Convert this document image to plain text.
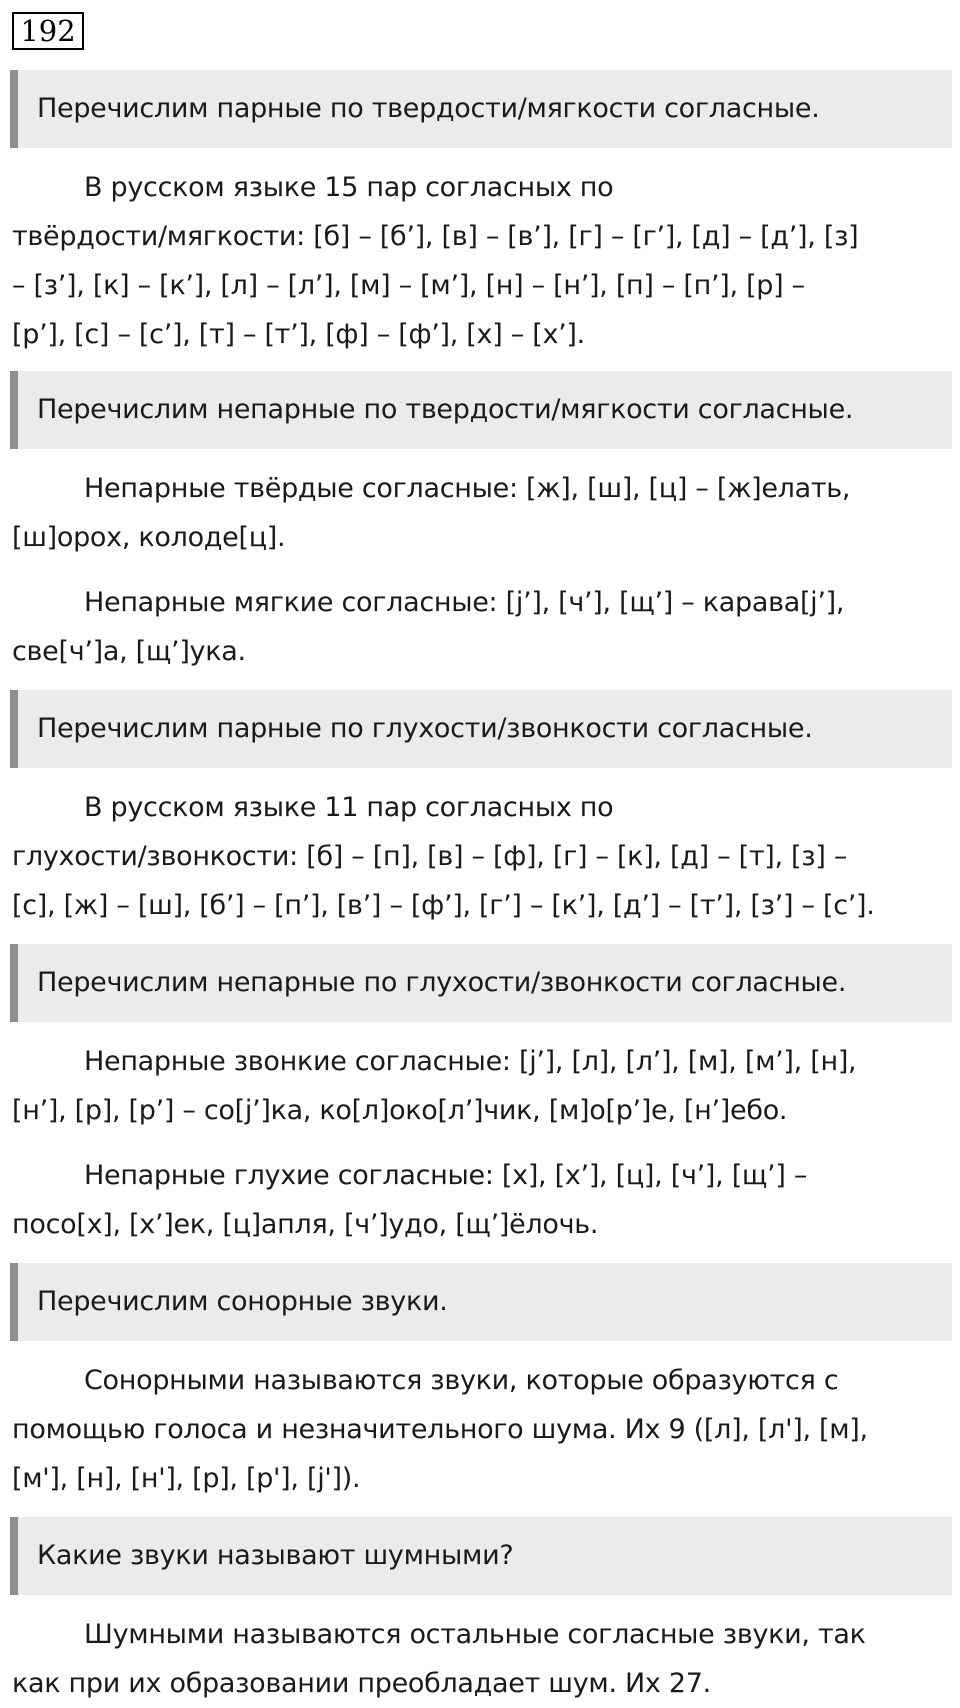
192
Перечислим парные по твердости/мягкости согласные.

В русском языке 15 пар согласных по
твёрдости/мягкости: [б] – [б’], [в] – [в’], [г] – [г’], [д] – [д’], [з]
– [з’], [к] – [к’], [л] – [л’], [м] – [м’], [н] – [н’], [п] – [п’], [р] –
[р’], [с] – [с’], [т] – [т’], [ф] – [ф’], [х] – [х’].

Перечислим непарные по твердости/мягкости согласные.

Непарные твёрдые согласные: [ж], [ш], [ц] – [ж]елать,
[ш]орох, колоде[ц].

Непарные мягкие согласные: [j’], [ч’], [щ’] – карава[j’],
све[ч’]а, [щ’]ука.

Перечислим парные по глухости/звонкости согласные.

В русском языке 11 пар согласных по
глухости/звонкости: [б] – [п], [в] – [ф], [г] – [к], [д] – [т], [з] –
[с], [ж] – [ш], [б’] – [п’], [в’] – [ф’], [г’] – [к’], [д’] – [т’], [з’] – [с’].

Перечислим непарные по глухости/звонкости согласные.

Непарные звонкие согласные: [j’], [л], [л’], [м], [м’], [н],
[н’], [р], [р’] – со[j’]ка, ко[л]око[л’]чик, [м]о[р’]е, [н’]ебо.

Непарные глухие согласные: [х], [х’], [ц], [ч’], [щ’] –
посо[х], [х’]ек, [ц]апля, [ч’]удо, [щ’]ёлочь.

Перечислим сонорные звуки.

Сонорными называются звуки, которые образуются с
помощью голоса и незначительного шума. Их 9 ([л], [л'], [м],
[м'], [н], [н'], [р], [р'], [j']).

Какие звуки называют шумными?

Шумными называются остальные согласные звуки, так
как при их образовании преобладает шум. Их 27.
